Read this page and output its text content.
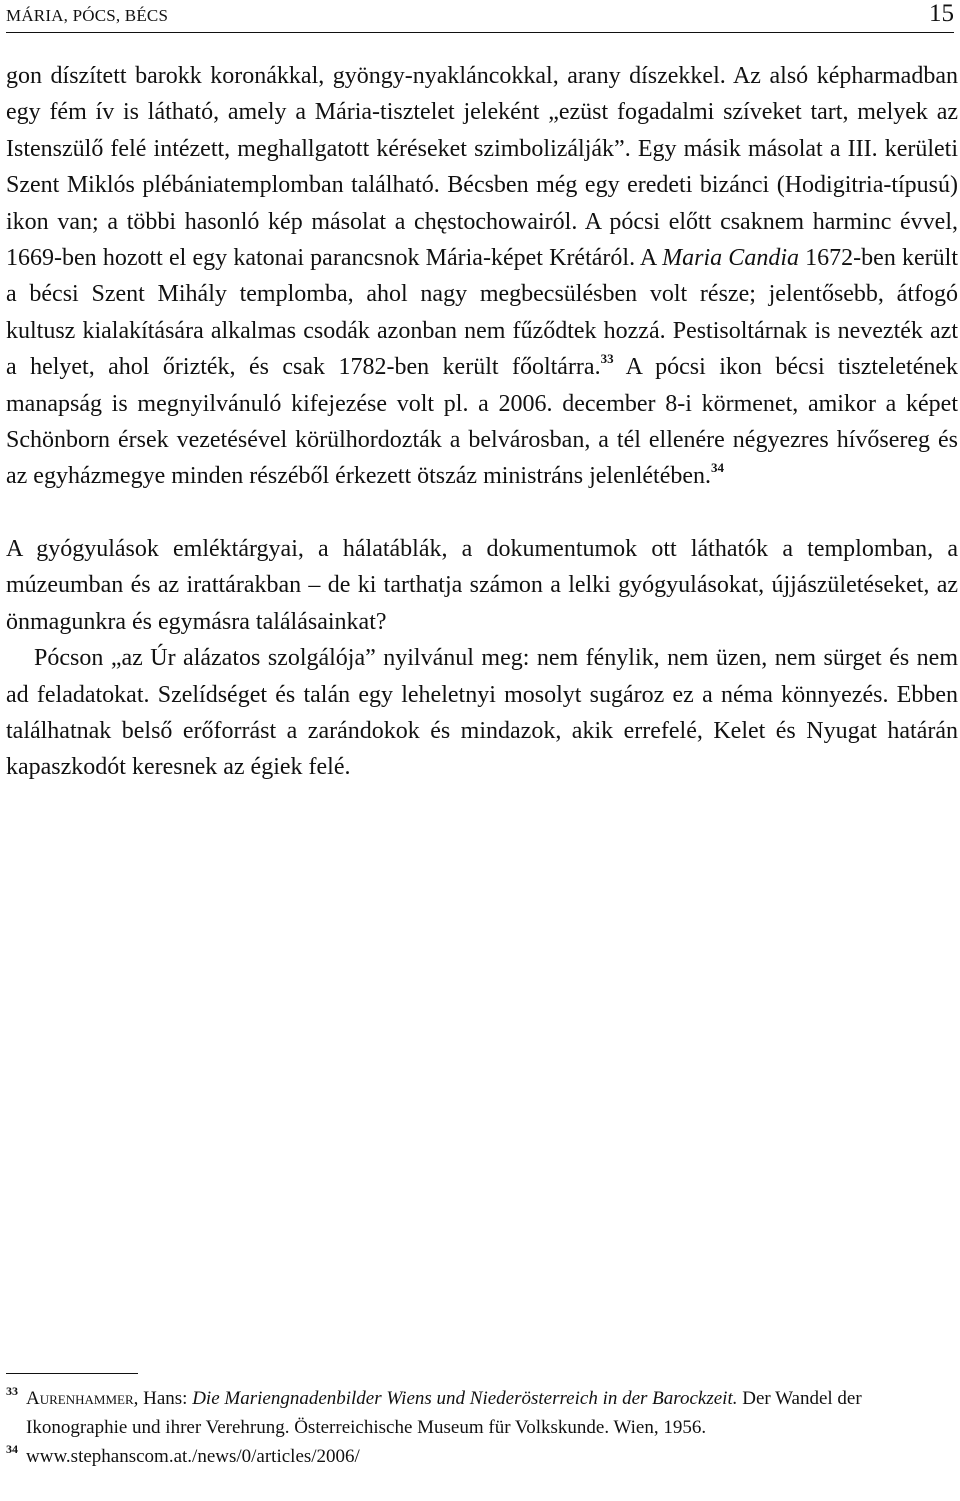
MÁRIA, PÓCS, BÉCS	15

gon díszített barokk koronákkal, gyöngy-nyakláncokkal, arany díszekkel. Az alsó képharmadban egy fém ív is látható, amely a Mária-tisztelet jeleként „ezüst fogadalmi szíveket tart, melyek az Istenszülő felé intézett, meghallgatott kéréseket szimbolizálják”. Egy másik másolat a III. kerületi Szent Miklós plébániatemplomban található. Bécsben még egy eredeti bizánci (Hodigitria-típusú) ikon van; a többi hasonló kép másolat a chęstochowairól. A pócsi előtt csaknem harminc évvel, 1669-ben hozott el egy katonai parancsnok Mária-képet Krétáról. A Maria Candia 1672-ben került a bécsi Szent Mihály templomba, ahol nagy megbecsülésben volt része; jelentősebb, átfogó kultusz kialakítására alkalmas csodák azonban nem fűződtek hozzá. Pestisoltárnak is nevezték azt a helyet, ahol őrizték, és csak 1782-ben került főoltárra.$^{33}$ A pócsi ikon bécsi tiszteletének manapság is megnyilvánuló kifejezése volt pl. a 2006. december 8-i körmenet, amikor a képet Schönborn érsek vezetésével körülhordozták a belvárosban, a tél ellenére négyezres hívősereg és az egyházmegye minden részéből érkezett ötszáz ministráns jelenlétében.$^{34}$

A gyógyulások emléktárgyai, a hálatáblák, a dokumentumok ott láthatók a templomban, a múzeumban és az irattárakban – de ki tarthatja számon a lelki gyógyulásokat, újjászületéseket, az önmagunkra és egymásra találásainkat?

Pócson „az Úr alázatos szolgálója” nyilvánul meg: nem fénylik, nem üzen, nem sürget és nem ad feladatokat. Szelídséget és talán egy leheletnyi mosolyt sugároz ez a néma könnyezés. Ebben találhatnak belső erőforrást a zarándokok és mindazok, akik errefelé, Kelet és Nyugat határán kapaszkodót keresnek az égiek felé.

33 Aurenhammer, Hans: Die Mariengnadenbilder Wiens und Niederösterreich in der Barockzeit. Der Wandel der Ikonographie und ihrer Verehrung. Österreichische Museum für Volkskunde. Wien, 1956.
34 www.stephanscom.at./news/0/articles/2006/
